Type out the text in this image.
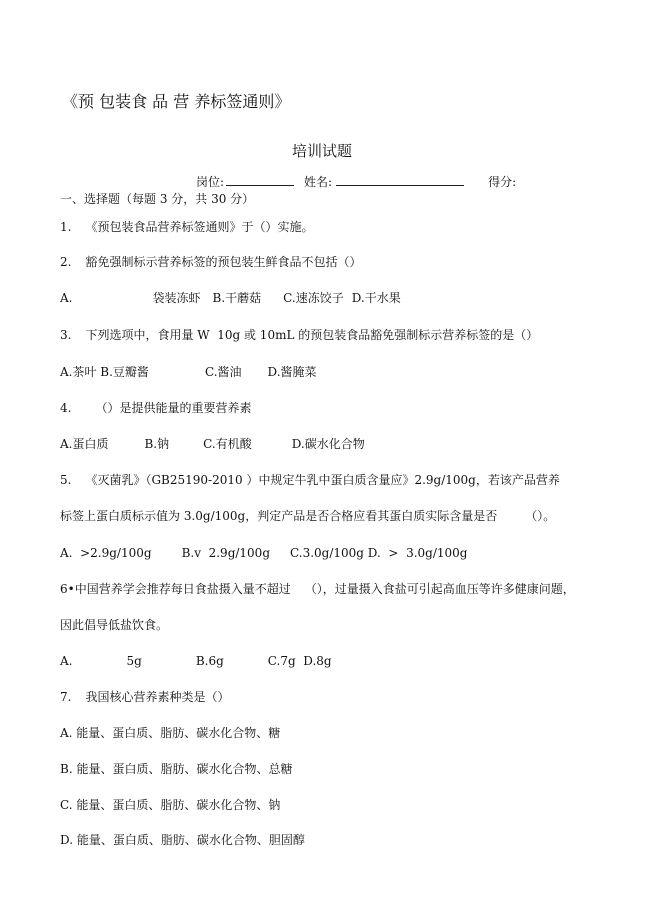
《预 包装食 品 营 养标签通则》
培训试题
岗位:	姓名:	得分:
一、选择题（每题 3 分，共 30 分）
1. 《预包装食品营养标签通则》于（）实施。
2. 豁免强制标示营养标签的预包装生鲜食品不包括（）
A.	袋装冻虾 B.干蘑菇 C.速冻饺子 D.干水果
3. 下列选项中，食用量 W  10g 或 10mL 的预包装食品豁免强制标示营养标签的是（）
A.茶叶 B.豆瓣酱	C.酱油 D.酱腌菜
4. （）是提供能量的重要营养素
A.蛋白质	B.钠	C.有机酸	D.碳水化合物
5. 《灭菌乳》（GB25190-2010 ）中规定牛乳中蛋白质含量应》2.9g/100g，若该产品营养
标签上蛋白质标示值为 3.0g/100g，判定产品是否合格应看其蛋白质实际含量是否 （）。
A.  >2.9g/100g	B.v  2.9g/100g C.3.0g/100g D.  >  3.0g/100g
6•中国营养学会推荐每日食盐摄入量不超过 （），过量摄入食盐可引起高血压等许多健康问题，
因此倡导低盐饮食。
A.	5g	B.6g	C.7g  D.8g
7. 我国核心营养素种类是（）
A. 能量、蛋白质、脂肪、碳水化合物、糖
B. 能量、蛋白质、脂肪、碳水化合物、总糖
C. 能量、蛋白质、脂肪、碳水化合物、钠
D. 能量、蛋白质、脂肪、碳水化合物、胆固醇
